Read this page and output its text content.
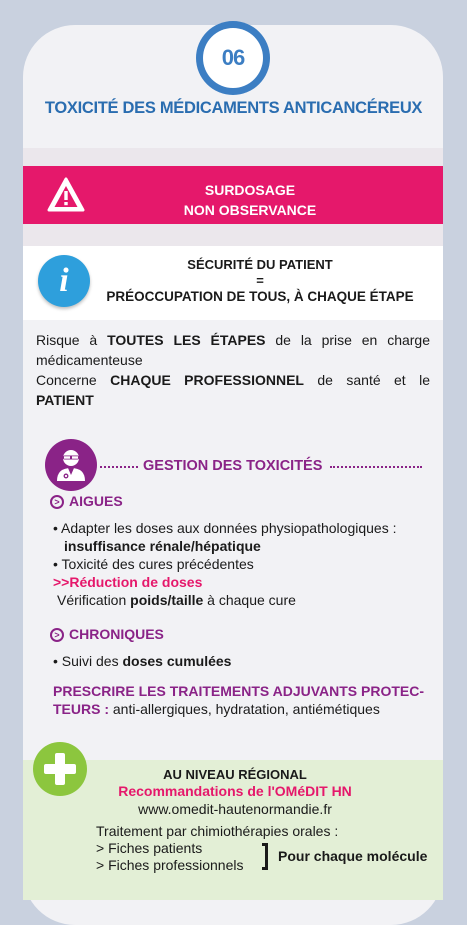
06
TOXICITÉ DES MÉDICAMENTS ANTICANCÉREUX
SURDOSAGE
NON OBSERVANCE
i	SÉCURITÉ DU PATIENT
=
PRÉOCCUPATION DE TOUS, À CHAQUE ÉTAPE
Risque à TOUTES LES ÉTAPES de la prise en charge médicamenteuse
Concerne CHAQUE PROFESSIONNEL de santé et le PATIENT
GESTION DES TOXICITÉS
> AIGUES
• Adapter les doses aux données physiopathologiques :
insuffisance rénale/hépatique
• Toxicité des cures précédentes
>>Réduction de doses
Vérification poids/taille à chaque cure
> CHRONIQUES
• Suivi des doses cumulées
PRESCRIRE LES TRAITEMENTS ADJUVANTS PROTEC-
TEURS : anti-allergiques, hydratation, antiémétiques
AU NIVEAU RÉGIONAL
Recommandations de l'OMéDIT HN
www.omedit-hautenormandie.fr
Traitement par chimiothérapies orales :
> Fiches patients
> Fiches professionnels
Pour chaque molécule
